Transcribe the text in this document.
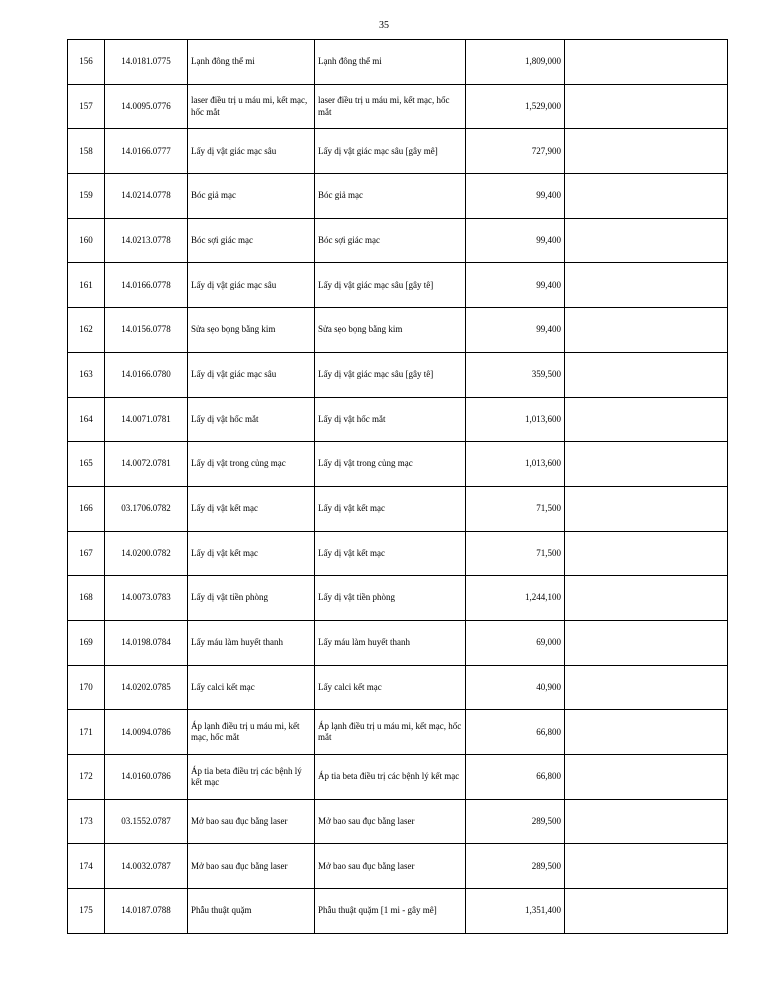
35
156	14.0181.0775	Lạnh đông thể mi	Lạnh đông thể mi	1,809,000	
157	14.0095.0776	laser điều trị u máu mi, kết mạc, hốc mắt	laser điều trị u máu mi, kết mạc, hốc mắt	1,529,000	
158	14.0166.0777	Lấy dị vật giác mạc sâu	Lấy dị vật giác mạc sâu [gây mê]	727,900	
159	14.0214.0778	Bóc giả mạc	Bóc giả mạc	99,400	
160	14.0213.0778	Bóc sợi giác mạc	Bóc sợi giác mạc	99,400	
161	14.0166.0778	Lấy dị vật giác mạc sâu	Lấy dị vật giác mạc sâu [gây tê]	99,400	
162	14.0156.0778	Sửa sẹo bọng bằng kim	Sửa sẹo bọng bằng kim	99,400	
163	14.0166.0780	Lấy dị vật giác mạc sâu	Lấy dị vật giác mạc sâu [gây tê]	359,500	
164	14.0071.0781	Lấy dị vật hốc mắt	Lấy dị vật hốc mắt	1,013,600	
165	14.0072.0781	Lấy dị vật trong củng mạc	Lấy dị vật trong củng mạc	1,013,600	
166	03.1706.0782	Lấy dị vật kết mạc	Lấy dị vật kết mạc	71,500	
167	14.0200.0782	Lấy dị vật kết mạc	Lấy dị vật kết mạc	71,500	
168	14.0073.0783	Lấy dị vật tiền phòng	Lấy dị vật tiền phòng	1,244,100	
169	14.0198.0784	Lấy máu làm huyết thanh	Lấy máu làm huyết thanh	69,000	
170	14.0202.0785	Lấy calci kết mạc	Lấy calci kết mạc	40,900	
171	14.0094.0786	Áp lạnh điều trị u máu mi, kết mạc, hốc mắt	Áp lạnh điều trị u máu mi, kết mạc, hốc mắt	66,800	
172	14.0160.0786	Áp tia beta điều trị các bệnh lý kết mạc	Áp tia beta điều trị các bệnh lý kết mạc	66,800	
173	03.1552.0787	Mở bao sau đục bằng laser	Mở bao sau đục bằng laser	289,500	
174	14.0032.0787	Mở bao sau đục bằng laser	Mở bao sau đục bằng laser	289,500	
175	14.0187.0788	Phẫu thuật quặm	Phẫu thuật quặm [1 mi - gây mê]	1,351,400	
